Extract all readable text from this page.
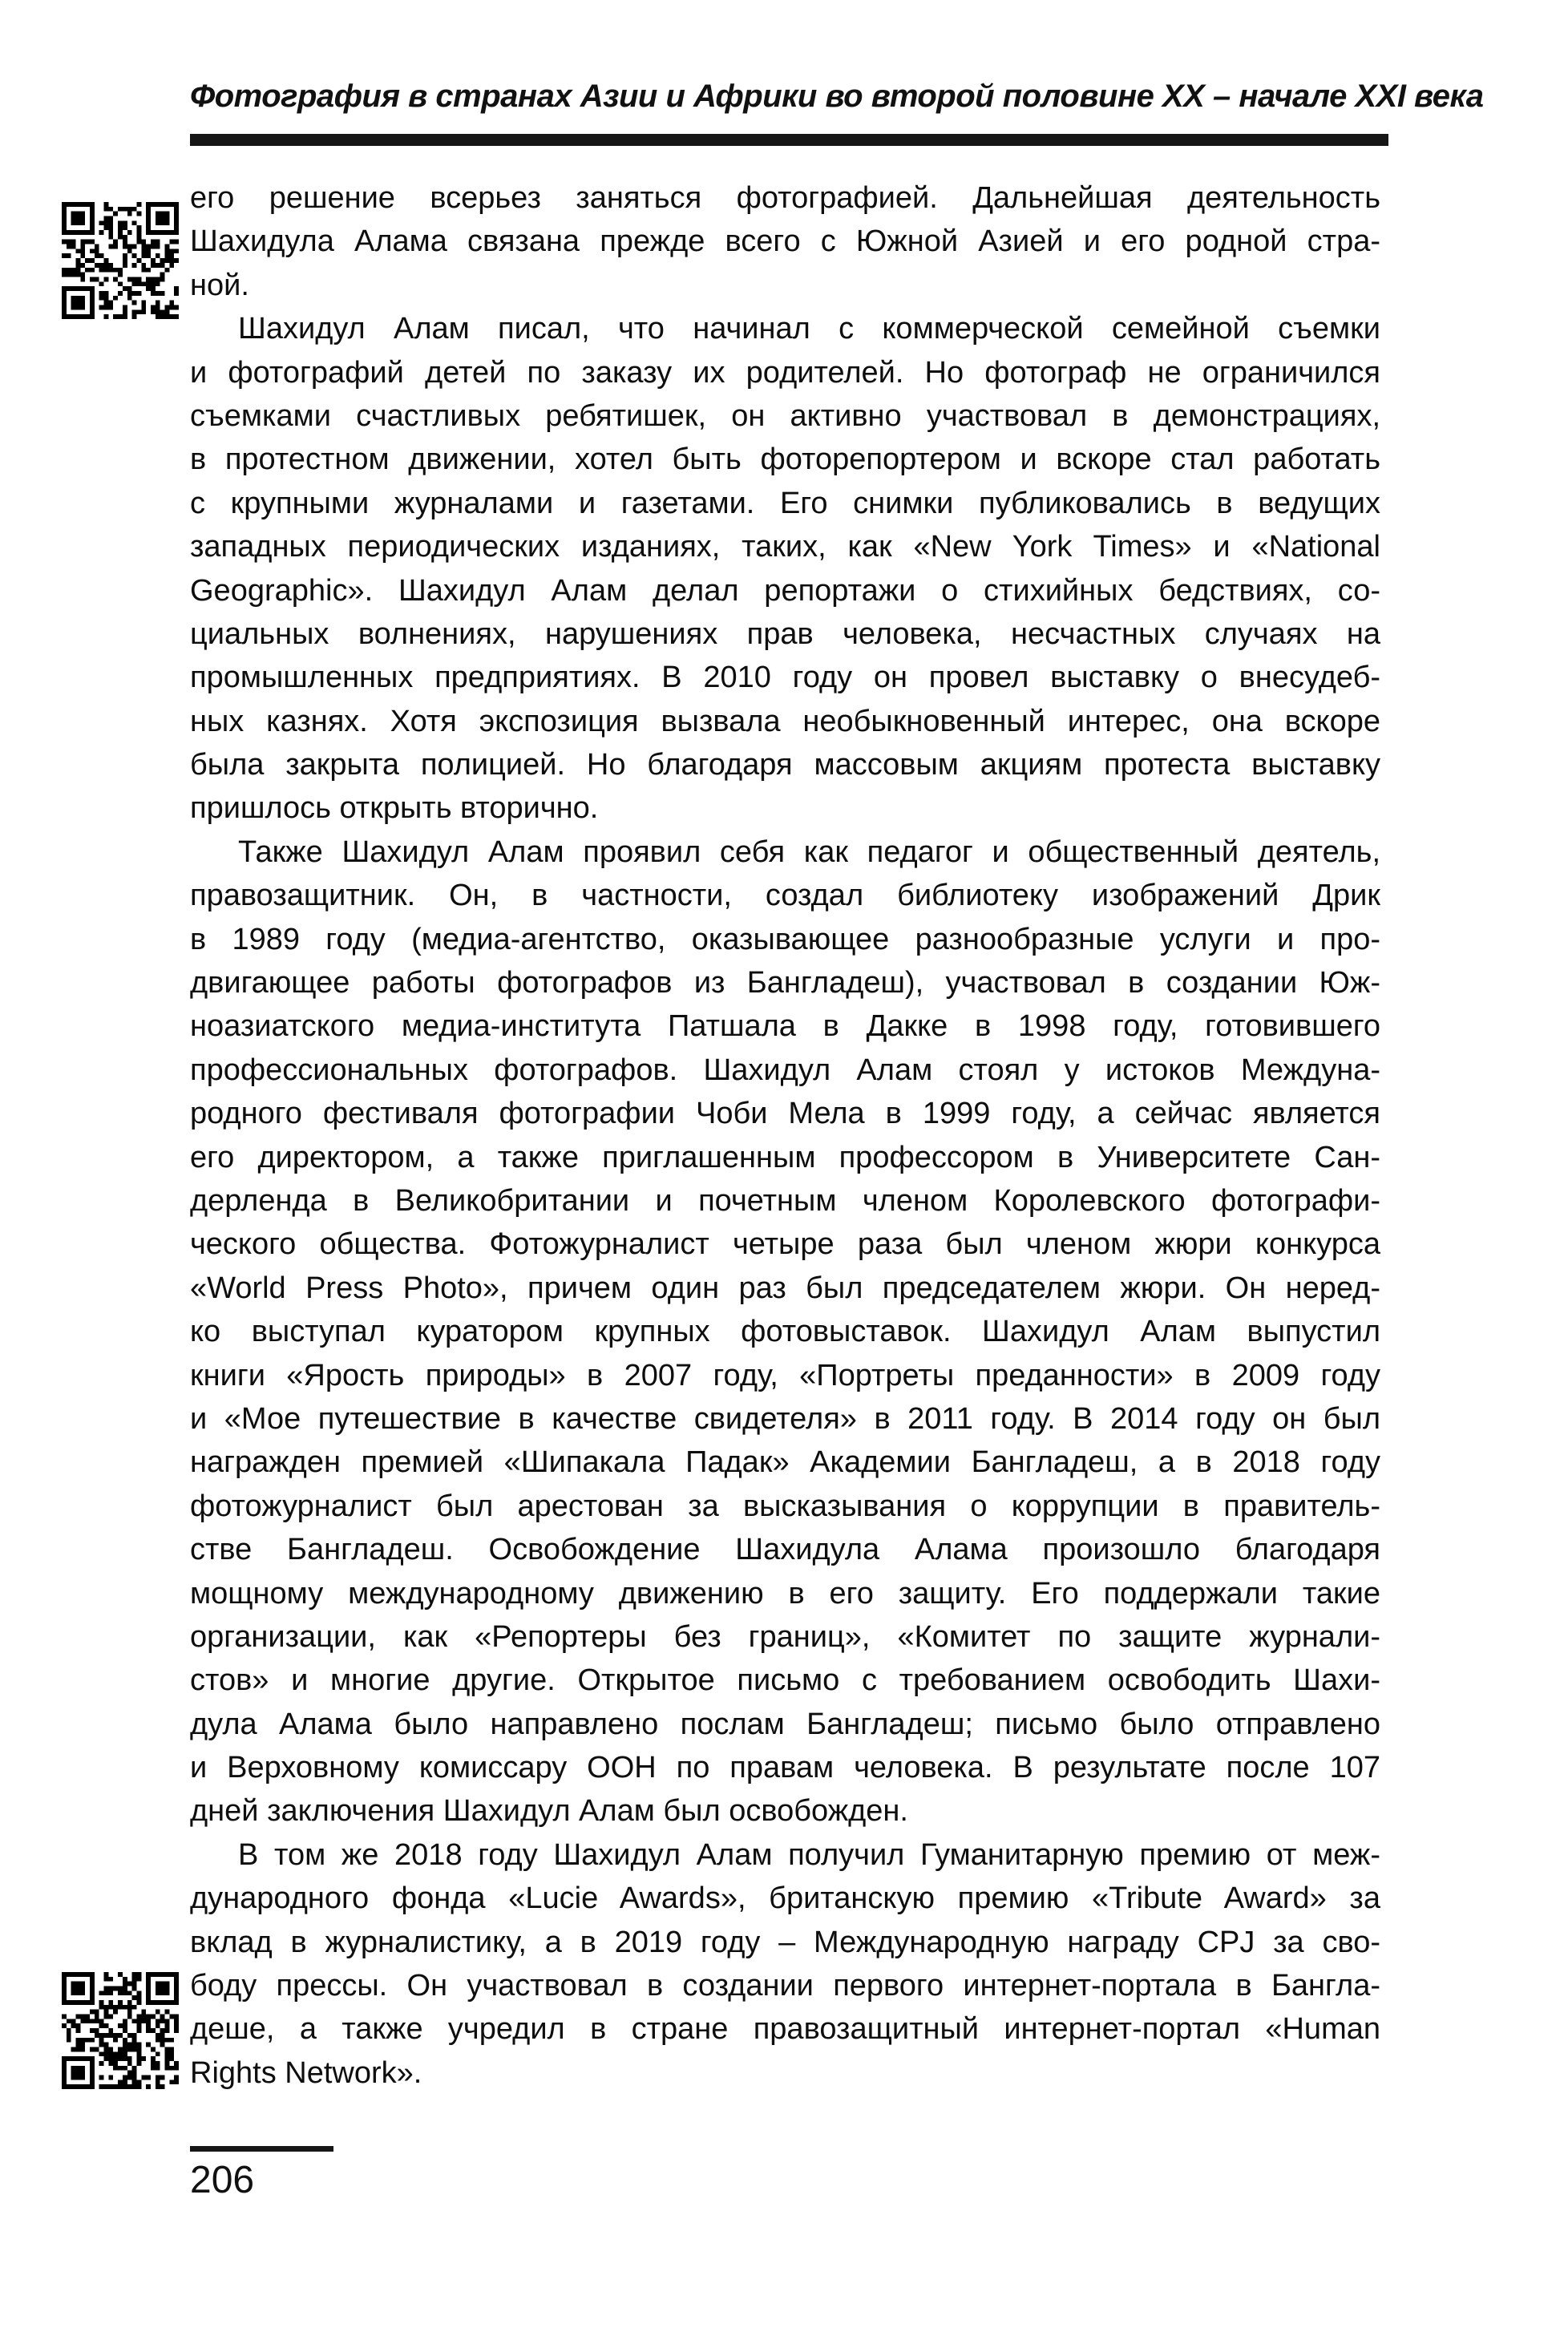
Фотография в странах Азии и Африки во второй половине XX – начале XXI века
его решение всерьез заняться фотографией. Дальнейшая деятельность
Шахидула Алама связана прежде всего с Южной Азией и его родной стра-
ной.
Шахидул Алам писал, что начинал с коммерческой семейной съемки
и фотографий детей по заказу их родителей. Но фотограф не ограничился
съемками счастливых ребятишек, он активно участвовал в демонстрациях,
в протестном движении, хотел быть фоторепортером и вскоре стал работать
с крупными журналами и газетами. Его снимки публиковались в ведущих
западных периодических изданиях, таких, как «New York Times» и «National
Geographic». Шахидул Алам делал репортажи о стихийных бедствиях, со-
циальных волнениях, нарушениях прав человека, несчастных случаях на
промышленных предприятиях. В 2010 году он провел выставку о внесудеб-
ных казнях. Хотя экспозиция вызвала необыкновенный интерес, она вскоре
была закрыта полицией. Но благодаря массовым акциям протеста выставку
пришлось открыть вторично.
Также Шахидул Алам проявил себя как педагог и общественный деятель,
правозащитник. Он, в частности, создал библиотеку изображений Дрик
в 1989 году (медиа-агентство, оказывающее разнообразные услуги и про-
двигающее работы фотографов из Бангладеш), участвовал в создании Юж-
ноазиатского медиа-института Патшала в Дакке в 1998 году, готовившего
профессиональных фотографов. Шахидул Алам стоял у истоков Междуна-
родного фестиваля фотографии Чоби Мела в 1999 году, а сейчас является
его директором, а также приглашенным профессором в Университете Сан-
дерленда в Великобритании и почетным членом Королевского фотографи-
ческого общества. Фотожурналист четыре раза был членом жюри конкурса
«World Press Photo», причем один раз был председателем жюри. Он неред-
ко выступал куратором крупных фотовыставок. Шахидул Алам выпустил
книги «Ярость природы» в 2007 году, «Портреты преданности» в 2009 году
и «Мое путешествие в качестве свидетеля» в 2011 году. В 2014 году он был
награжден премией «Шипакала Падак» Академии Бангладеш, а в 2018 году
фотожурналист был арестован за высказывания о коррупции в правитель-
стве Бангладеш. Освобождение Шахидула Алама произошло благодаря
мощному международному движению в его защиту. Его поддержали такие
организации, как «Репортеры без границ», «Комитет по защите журнали-
стов» и многие другие. Открытое письмо с требованием освободить Шахи-
дула Алама было направлено послам Бангладеш; письмо было отправлено
и Верховному комиссару ООН по правам человека. В результате после 107
дней заключения Шахидул Алам был освобожден.
В том же 2018 году Шахидул Алам получил Гуманитарную премию от меж-
дународного фонда «Lucie Awards», британскую премию «Tribute Award» за
вклад в журналистику, а в 2019 году – Международную награду CPJ за сво-
боду прессы. Он участвовал в создании первого интернет-портала в Бангла-
деше, а также учредил в стране правозащитный интернет-портал «Human
Rights Network».
206
